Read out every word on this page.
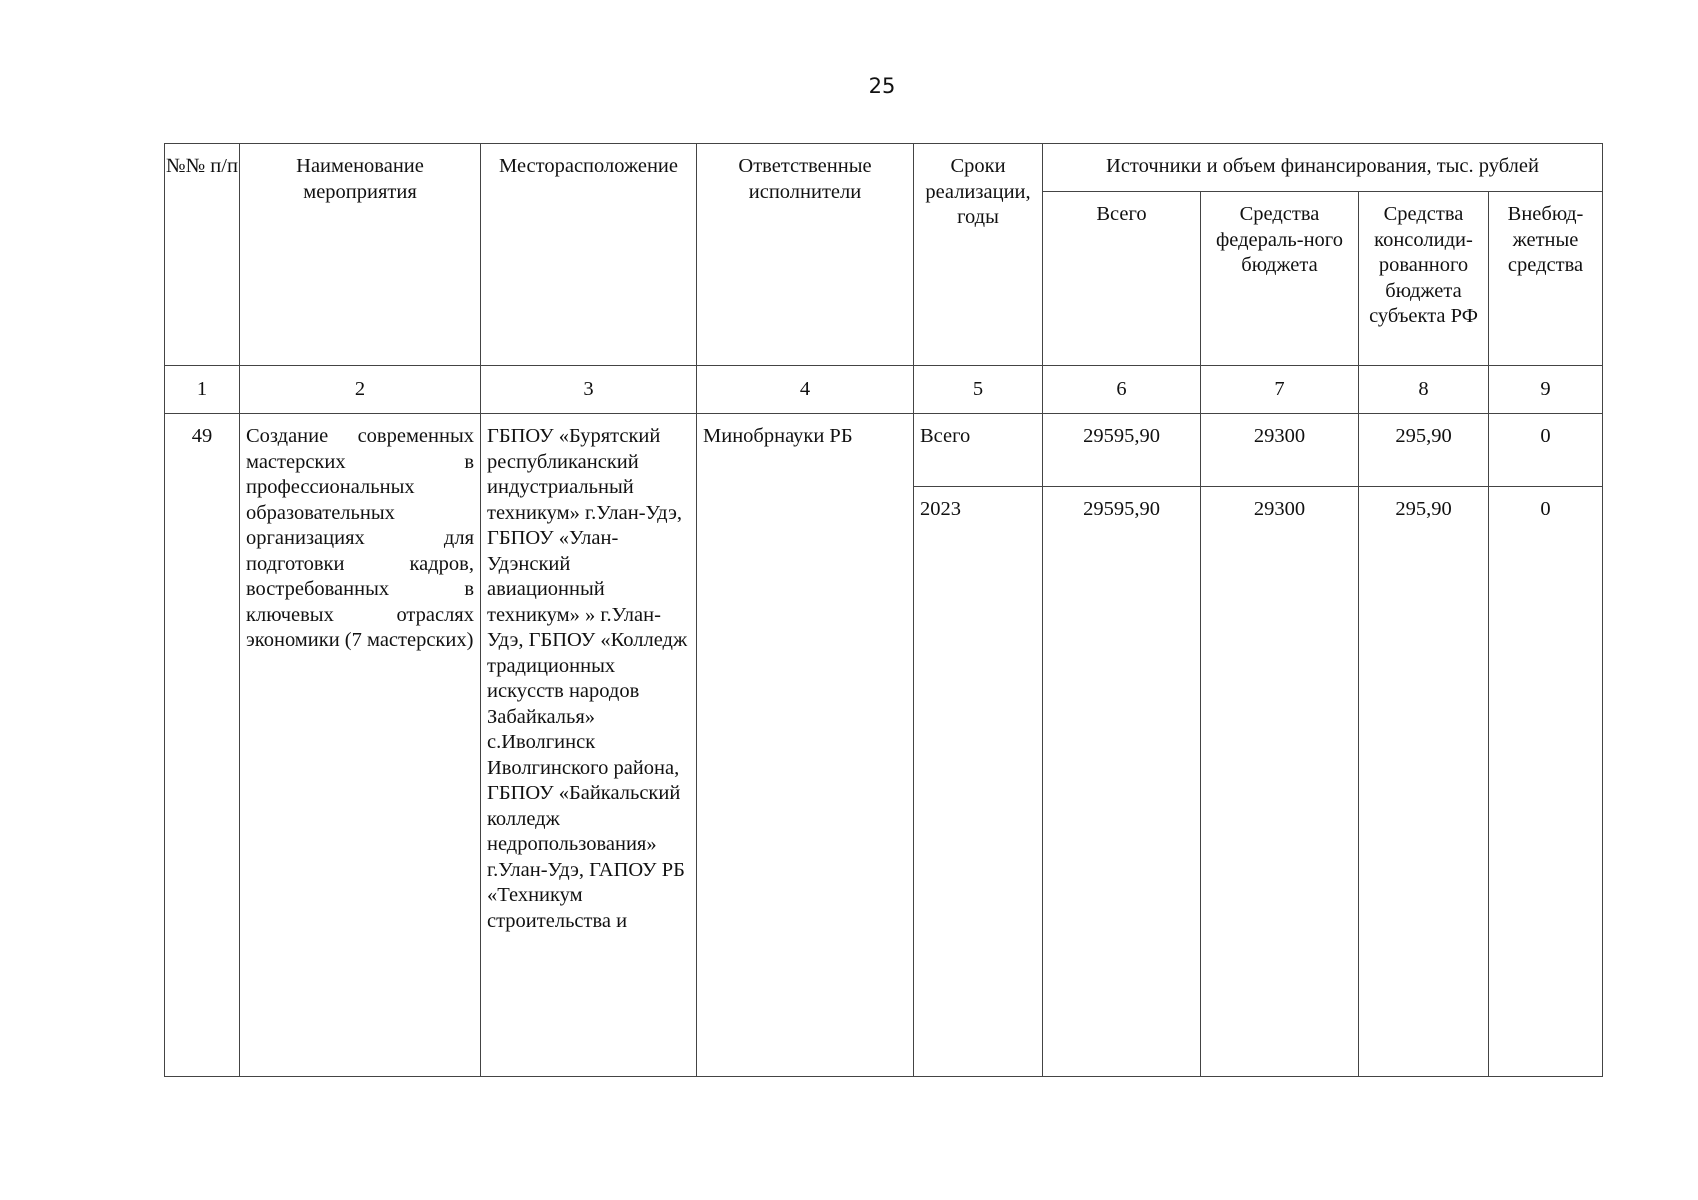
25
№№ п/п	Наименование мероприятия	Месторасположение	Ответственные исполнители	Сроки реализации, годы	Источники и объем финансирования, тыс. рублей			
					Всего	Средства федераль-ного бюджета	Средства консолиди-рованного бюджета субъекта РФ	Внебюд-жетные средства
1	2	3	4	5	6	7	8	9
49	Создание современных мастерских в профессиональных образовательных организациях для подготовки кадров, востребованных в ключевых отраслях экономики (7 мастерских)	ГБПОУ «Бурятский республиканский индустриальный техникум» г.Улан-Удэ, ГБПОУ «Улан-Удэнский авиационный техникум» » г.Улан-Удэ, ГБПОУ «Колледж традиционных искусств народов Забайкалья» с.Иволгинск Иволгинского района, ГБПОУ «Байкальский колледж недропользования» г.Улан-Удэ, ГАПОУ РБ «Техникум строительства и	Минобрнауки РБ	Всего	29595,90	29300	295,90	0
				2023	29595,90	29300	295,90	0
